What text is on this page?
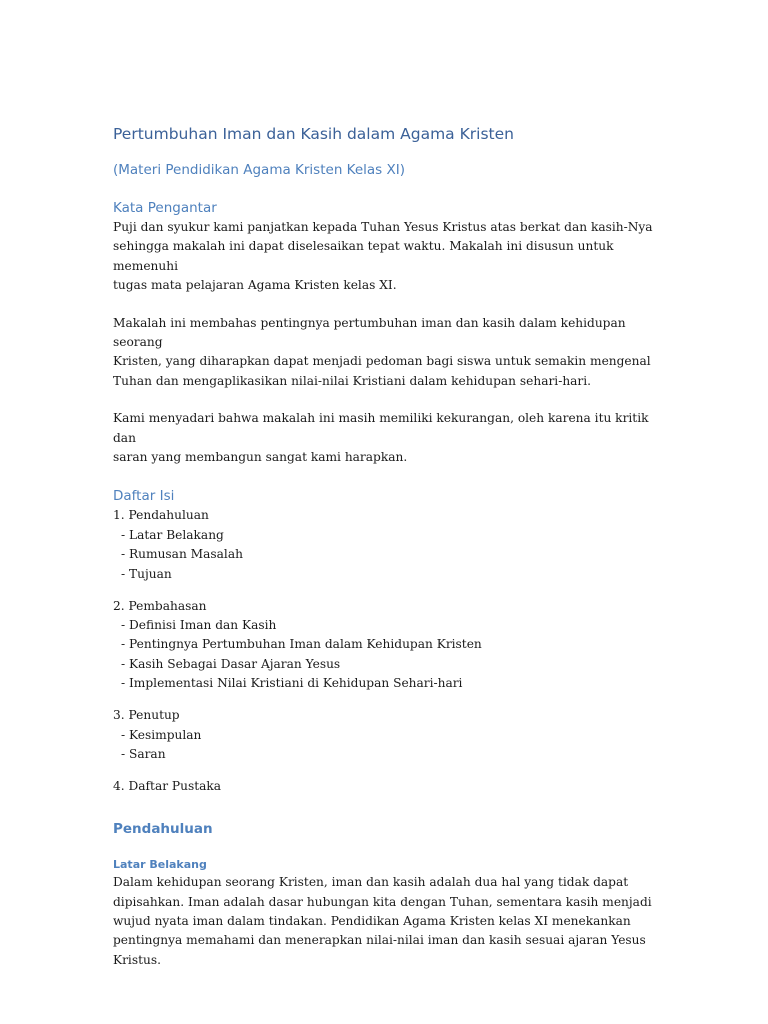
Pertumbuhan Iman dan Kasih dalam Agama Kristen
(Materi Pendidikan Agama Kristen Kelas XI)
Kata Pengantar
Puji dan syukur kami panjatkan kepada Tuhan Yesus Kristus atas berkat dan kasih-Nya
sehingga makalah ini dapat diselesaikan tepat waktu. Makalah ini disusun untuk memenuhi
tugas mata pelajaran Agama Kristen kelas XI.
Makalah ini membahas pentingnya pertumbuhan iman dan kasih dalam kehidupan seorang
Kristen, yang diharapkan dapat menjadi pedoman bagi siswa untuk semakin mengenal
Tuhan dan mengaplikasikan nilai-nilai Kristiani dalam kehidupan sehari-hari.
Kami menyadari bahwa makalah ini masih memiliki kekurangan, oleh karena itu kritik dan
saran yang membangun sangat kami harapkan.
Daftar Isi
1. Pendahuluan
- Latar Belakang
- Rumusan Masalah
- Tujuan
2. Pembahasan
- Definisi Iman dan Kasih
- Pentingnya Pertumbuhan Iman dalam Kehidupan Kristen
- Kasih Sebagai Dasar Ajaran Yesus
- Implementasi Nilai Kristiani di Kehidupan Sehari-hari
3. Penutup
- Kesimpulan
- Saran
4. Daftar Pustaka
Pendahuluan
Latar Belakang
Dalam kehidupan seorang Kristen, iman dan kasih adalah dua hal yang tidak dapat
dipisahkan. Iman adalah dasar hubungan kita dengan Tuhan, sementara kasih menjadi
wujud nyata iman dalam tindakan. Pendidikan Agama Kristen kelas XI menekankan
pentingnya memahami dan menerapkan nilai-nilai iman dan kasih sesuai ajaran Yesus
Kristus.
